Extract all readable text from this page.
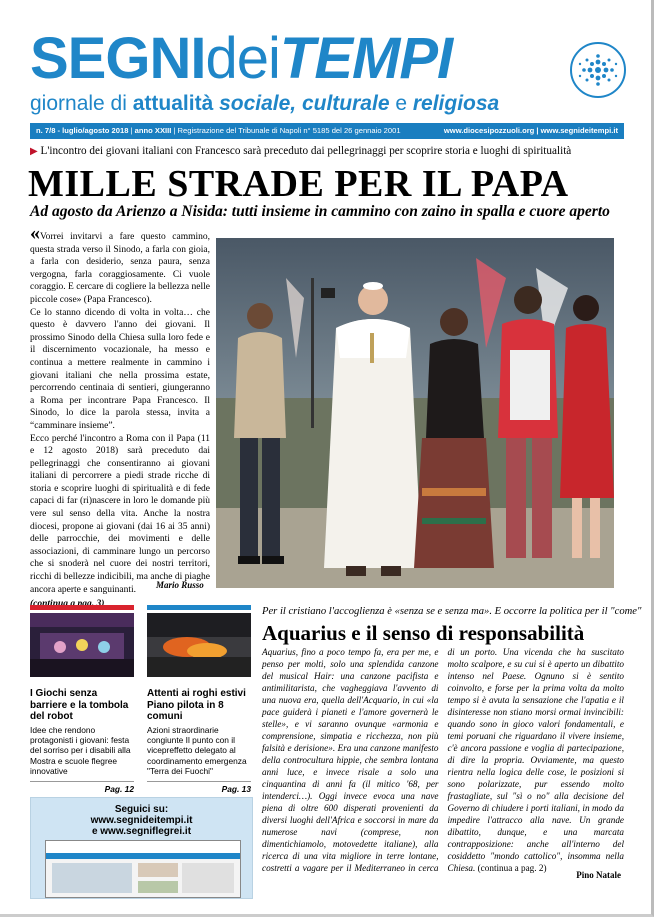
SEGNIdeiTEMPI
giornale di attualità sociale, culturale e religiosa
n. 7/8 - luglio/agosto 2018 | anno XXIII | Registrazione del Tribunale di Napoli n° 5185 del 26 gennaio 2001	www.diocesipozzuoli.org | www.segnideitempi.it
▶ L'incontro dei giovani italiani con Francesco sarà preceduto dai pellegrinaggi per scoprire storia e luoghi di spiritualità
MILLE STRADE PER IL PAPA
Ad agosto da Arienzo a Nisida: tutti insieme in cammino con zaino in spalla e cuore aperto
«Vorrei invitarvi a fare questo cammino, questa strada verso il Sinodo, a farla con gioia, a farla con desiderio, senza paura, senza vergogna, farla coraggiosamente. Ci vuole coraggio. E cercare di cogliere la bellezza nelle piccole cose» (Papa Francesco).
Ce lo stanno dicendo di volta in volta… che questo è davvero l'anno dei giovani. Il prossimo Sinodo della Chiesa sulla loro fede e il discernimento vocazionale, ha messo e continua a mettere realmente in cammino i giovani italiani che nella prossima estate, percorrendo centinaia di sentieri, giungeranno a Roma per incontrare Papa Francesco. Il Sinodo, lo dice la parola stessa, invita a “camminare insieme”.
Ecco perché l'incontro a Roma con il Papa (11 e 12 agosto 2018) sarà preceduto dai pellegrinaggi che consentiranno ai giovani italiani di percorrere a piedi strade ricche di storia e scoprire luoghi di spiritualità e di fede capaci di far (ri)nascere in loro le domande più vere sul senso della vita. Anche la nostra diocesi, propone ai giovani (dai 16 ai 35 anni) delle parrocchie, dei movimenti e delle associazioni, di camminare lungo un percorso che si snoderà nel cuore dei nostri territori, ricchi di bellezze indicibili, ma anche di piaghe ancora aperte e sanguinanti.	Mario Russo
I Giochi senza barriere e la tombola del robot
Idee che rendono protagonisti i giovani: festa del sorriso per i disabili alla Mostra e scuole flegree innovative
Pag. 12
Attenti ai roghi estivi Piano pilota in 8 comuni
Azioni straordinarie congiunte Il punto con il vicepreffetto delegato al coordinamento emergenza "Terra dei Fuochi"
Pag. 13
Seguici su:
www.segnideitempi.it
e www.segniflegrei.it
Per il cristiano l'accoglienza è «senza se e senza ma». E occorre la politica per il "come"
Aquarius e il senso di responsabilità
Aquarius, fino a poco tempo fa, era per me, e penso per molti, solo una splendida canzone del musical Hair: una canzone pacifista e antimilitarista, che vagheggiava l'avvento di una nuova era, quella dell'Acquario, in cui «la pace guiderà i pianeti e l'amore governerà le stelle», e vi saranno ovunque «armonia e comprensione, simpatia e ricchezza, non più falsità e derisione». Era una canzone manifesto della controcultura hippie, che sembra lontana anni luce, e invece risale a solo una cinquantina di anni fa (il mitico '68, per intenderci…). Oggi invece evoca una nave piena di oltre 600 disperati provenienti da diversi luoghi dell'Africa e soccorsi in mare da numerose navi (comprese, non dimentichiamolo, motovedette italiane), alla ricerca di una vita migliore in terre lontane, costretti a vagare per il Mediterraneo in cerca di un porto. Una vicenda che ha suscitato molto scalpore, e su cui si è aperto un dibattito intenso nel Paese. Ognuno si è sentito coinvolto, e forse per la prima volta da molto tempo si è avuta la sensazione che l'apatia e il disinteresse non stiano morsi ormai invincibili: quando sono in gioco valori fondamentali, e temi poruani che riguardano il vivere insieme, c'è ancora passione e voglia di partecipazione, di dire la propria. Ovviamente, ma questo rientra nella logica delle cose, le posizioni si sono polarizzate, pur essendo molto frastagliate, sul "sì o no" alla decisione del Governo di chiudere i porti italiani, in modo da impedire l'attracco alla nave. Un grande dibattito, dunque, e una marcata contrapposizione: anche all'interno del cosiddetto "mondo cattolico", insomma nella Chiesa. (continua a pag. 2)
Pino Natale
